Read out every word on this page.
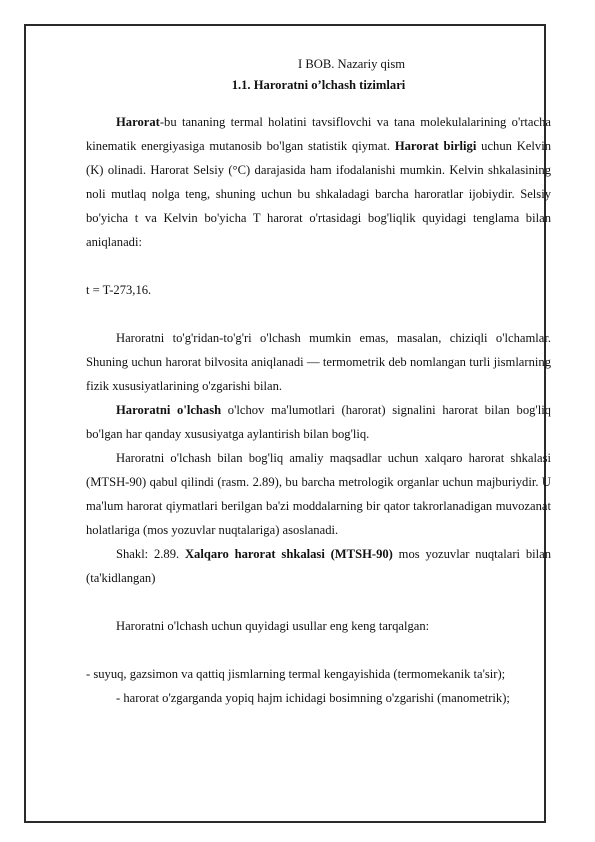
I BOB. Nazariy qism
1.1. Haroratni o’lchash tizimlari

Harorat-bu tananing termal holatini tavsiflovchi va tana molekulalarining o'rtacha kinematik energiyasiga mutanosib bo'lgan statistik qiymat. Harorat birligi uchun Kelvin (K) olinadi. Harorat Selsiy (°C) darajasida ham ifodalanishi mumkin. Kelvin shkalasining noli mutlaq nolga teng, shuning uchun bu shkaladagi barcha haroratlar ijobiydir. Selsiy bo'yicha t va Kelvin bo'yicha T harorat o'rtasidagi bog'liqlik quyidagi tenglama bilan aniqlanadi:

t = T-273,16.

Haroratni to'g'ridan-to'g'ri o'lchash mumkin emas, masalan, chiziqli o'lchamlar. Shuning uchun harorat bilvosita aniqlanadi — termometrik deb nomlangan turli jismlarning fizik xususiyatlarining o'zgarishi bilan.

Haroratni o'lchash o'lchov ma'lumotlari (harorat) signalini harorat bilan bog'liq bo'lgan har qanday xususiyatga aylantirish bilan bog'liq.

Haroratni o'lchash bilan bog'liq amaliy maqsadlar uchun xalqaro harorat shkalasi (MTSH-90) qabul qilindi (rasm. 2.89), bu barcha metrologik organlar uchun majburiydir. U ma'lum harorat qiymatlari berilgan ba'zi moddalarning bir qator takrorlanadigan muvozanat holatlariga (mos yozuvlar nuqtalariga) asoslanadi.

Shakl: 2.89. Xalqaro harorat shkalasi (MTSH-90) mos yozuvlar nuqtalari bilan (ta'kidlangan)

Haroratni o'lchash uchun quyidagi usullar eng keng tarqalgan:

- suyuq, gazsimon va qattiq jismlarning termal kengayishida (termomekanik ta'sir);

- harorat o'zgarganda yopiq hajm ichidagi bosimning o'zgarishi (manometrik);
